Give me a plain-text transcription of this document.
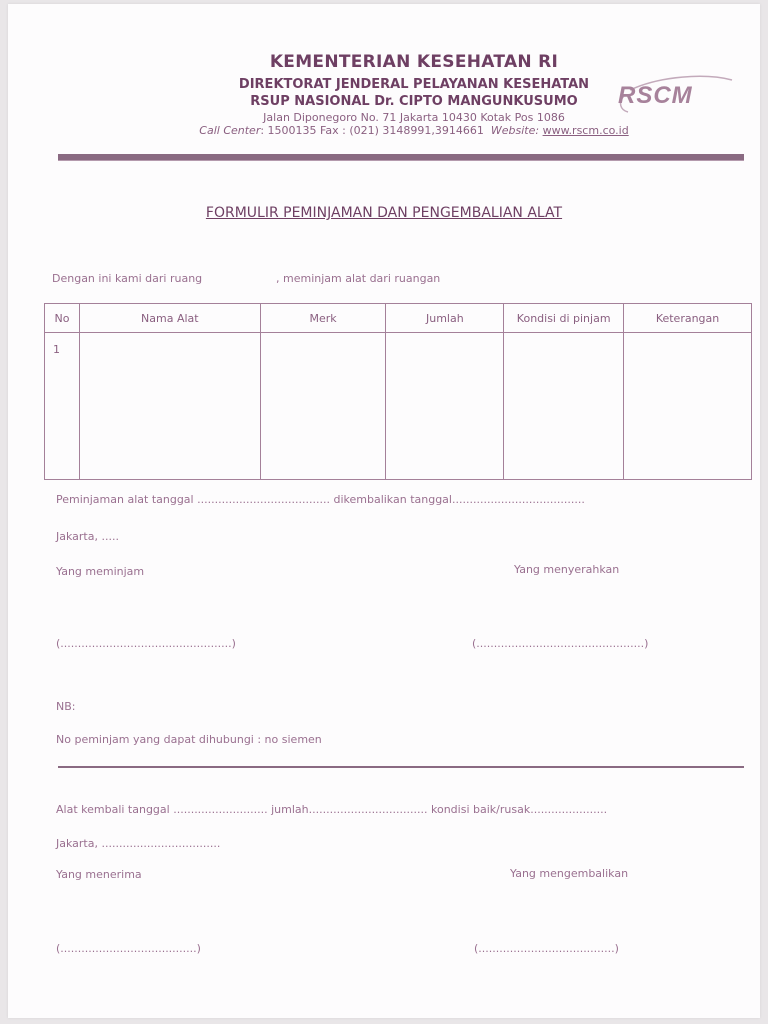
KEMENTERIAN KESEHATAN RI
DIREKTORAT JENDERAL PELAYANAN KESEHATAN
RSUP NASIONAL Dr. CIPTO MANGUNKUSUMO
Jalan Diponegoro No. 71 Jakarta 10430 Kotak Pos 1086
Call Center: 1500135 Fax : (021) 3148991,3914661 Website: www.rscm.co.id
RSCM
FORMULIR PEMINJAMAN DAN PENGEMBALIAN ALAT
Dengan ini kami dari ruang	, meminjam alat dari ruangan
No	Nama Alat	Merk	Jumlah	Kondisi di pinjam	Keterangan
1					
Peminjaman alat tanggal ...................................... dikembalikan tanggal......................................
Jakarta, .....
Yang meminjam	Yang menyerahkan
(.................................................)	(................................................)
NB:
No peminjam yang dapat dihubungi : no siemen
Alat kembali tanggal ........................... jumlah.................................. kondisi baik/rusak......................
Jakarta, ..................................
Yang menerima	Yang mengembalikan
(.......................................)	(.......................................)
